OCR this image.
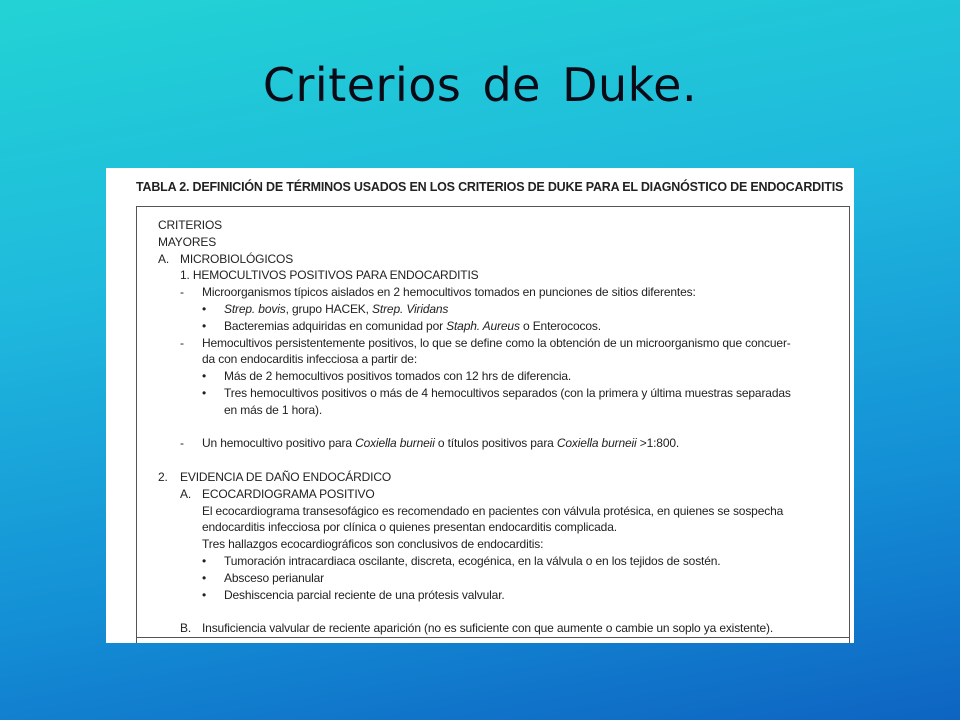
Criterios de Duke.
TABLA 2. DEFINICIÓN DE TÉRMINOS USADOS EN LOS CRITERIOS DE DUKE PARA EL DIAGNÓSTICO DE ENDOCARDITIS
CRITERIOS
MAYORES
A. MICROBIOLÓGICOS
1. HEMOCULTIVOS POSITIVOS PARA ENDOCARDITIS
- Microorganismos típicos aislados en 2 hemocultivos tomados en punciones de sitios diferentes:
• Strep. bovis, grupo HACEK, Strep. Viridans
• Bacteremias adquiridas en comunidad por Staph. Aureus o Enterococos.
- Hemocultivos persistentemente positivos, lo que se define como la obtención de un microorganismo que concuer-
da con endocarditis infecciosa a partir de:
• Más de 2 hemocultivos positivos tomados con 12 hrs de diferencia.
• Tres hemocultivos positivos o más de 4 hemocultivos separados (con la primera y última muestras separadas
en más de 1 hora).
- Un hemocultivo positivo para Coxiella burneii o títulos positivos para Coxiella burneii >1:800.
2. EVIDENCIA DE DAÑO ENDOCÁRDICO
A. ECOCARDIOGRAMA POSITIVO
El ecocardiograma transesofágico es recomendado en pacientes con válvula protésica, en quienes se sospecha
endocarditis infecciosa por clínica o quienes presentan endocarditis complicada.
Tres hallazgos ecocardiográficos son conclusivos de endocarditis:
• Tumoración intracardiaca oscilante, discreta, ecogénica, en la válvula o en los tejidos de sostén.
• Absceso perianular
• Deshiscencia parcial reciente de una prótesis valvular.
B. Insuficiencia valvular de reciente aparición (no es suficiente con que aumente o cambie un soplo ya existente).
